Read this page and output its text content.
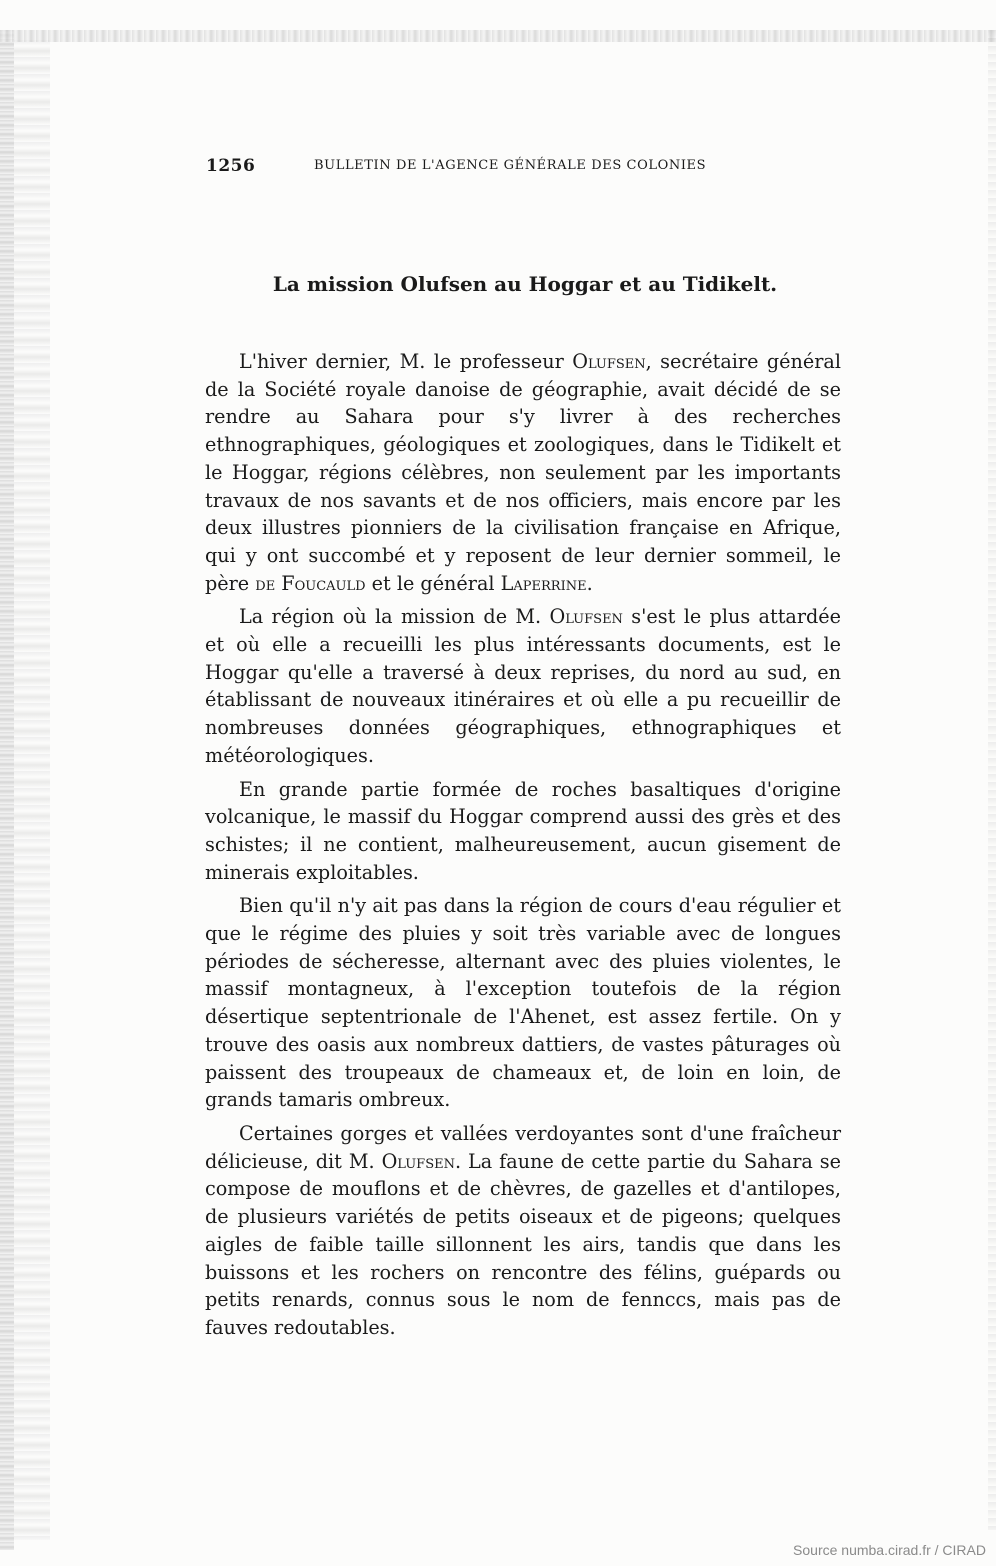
1256	BULLETIN DE L'AGENCE GÉNÉRALE DES COLONIES
La mission Olufsen au Hoggar et au Tidikelt.

L'hiver dernier, M. le professeur Olufsen, secrétaire général de la Société royale danoise de géographie, avait décidé de se rendre au Sahara pour s'y livrer à des recherches ethnographiques, géologiques et zoologiques, dans le Tidikelt et le Hoggar, régions célèbres, non seulement par les importants travaux de nos savants et de nos officiers, mais encore par les deux illustres pionniers de la civilisation française en Afrique, qui y ont succombé et y reposent de leur dernier sommeil, le père de Foucauld et le général Laperrine.

La région où la mission de M. Olufsen s'est le plus attardée et où elle a recueilli les plus intéressants documents, est le Hoggar qu'elle a traversé à deux reprises, du nord au sud, en établissant de nouveaux itinéraires et où elle a pu recueillir de nombreuses données géographiques, ethnographiques et météorologiques.

En grande partie formée de roches basaltiques d'origine volcanique, le massif du Hoggar comprend aussi des grès et des schistes; il ne contient, malheureusement, aucun gisement de minerais exploitables.

Bien qu'il n'y ait pas dans la région de cours d'eau régulier et que le régime des pluies y soit très variable avec de longues périodes de sécheresse, alternant avec des pluies violentes, le massif montagneux, à l'exception toutefois de la région désertique septentrionale de l'Ahenet, est assez fertile. On y trouve des oasis aux nombreux dattiers, de vastes pâturages où paissent des troupeaux de chameaux et, de loin en loin, de grands tamaris ombreux.

Certaines gorges et vallées verdoyantes sont d'une fraîcheur délicieuse, dit M. Olufsen. La faune de cette partie du Sahara se compose de mouflons et de chèvres, de gazelles et d'antilopes, de plusieurs variétés de petits oiseaux et de pigeons; quelques aigles de faible taille sillonnent les airs, tandis que dans les buissons et les rochers on rencontre des félins, guépards ou petits renards, connus sous le nom de fennccs, mais pas de fauves redoutables.

Source numba.cirad.fr / CIRAD
